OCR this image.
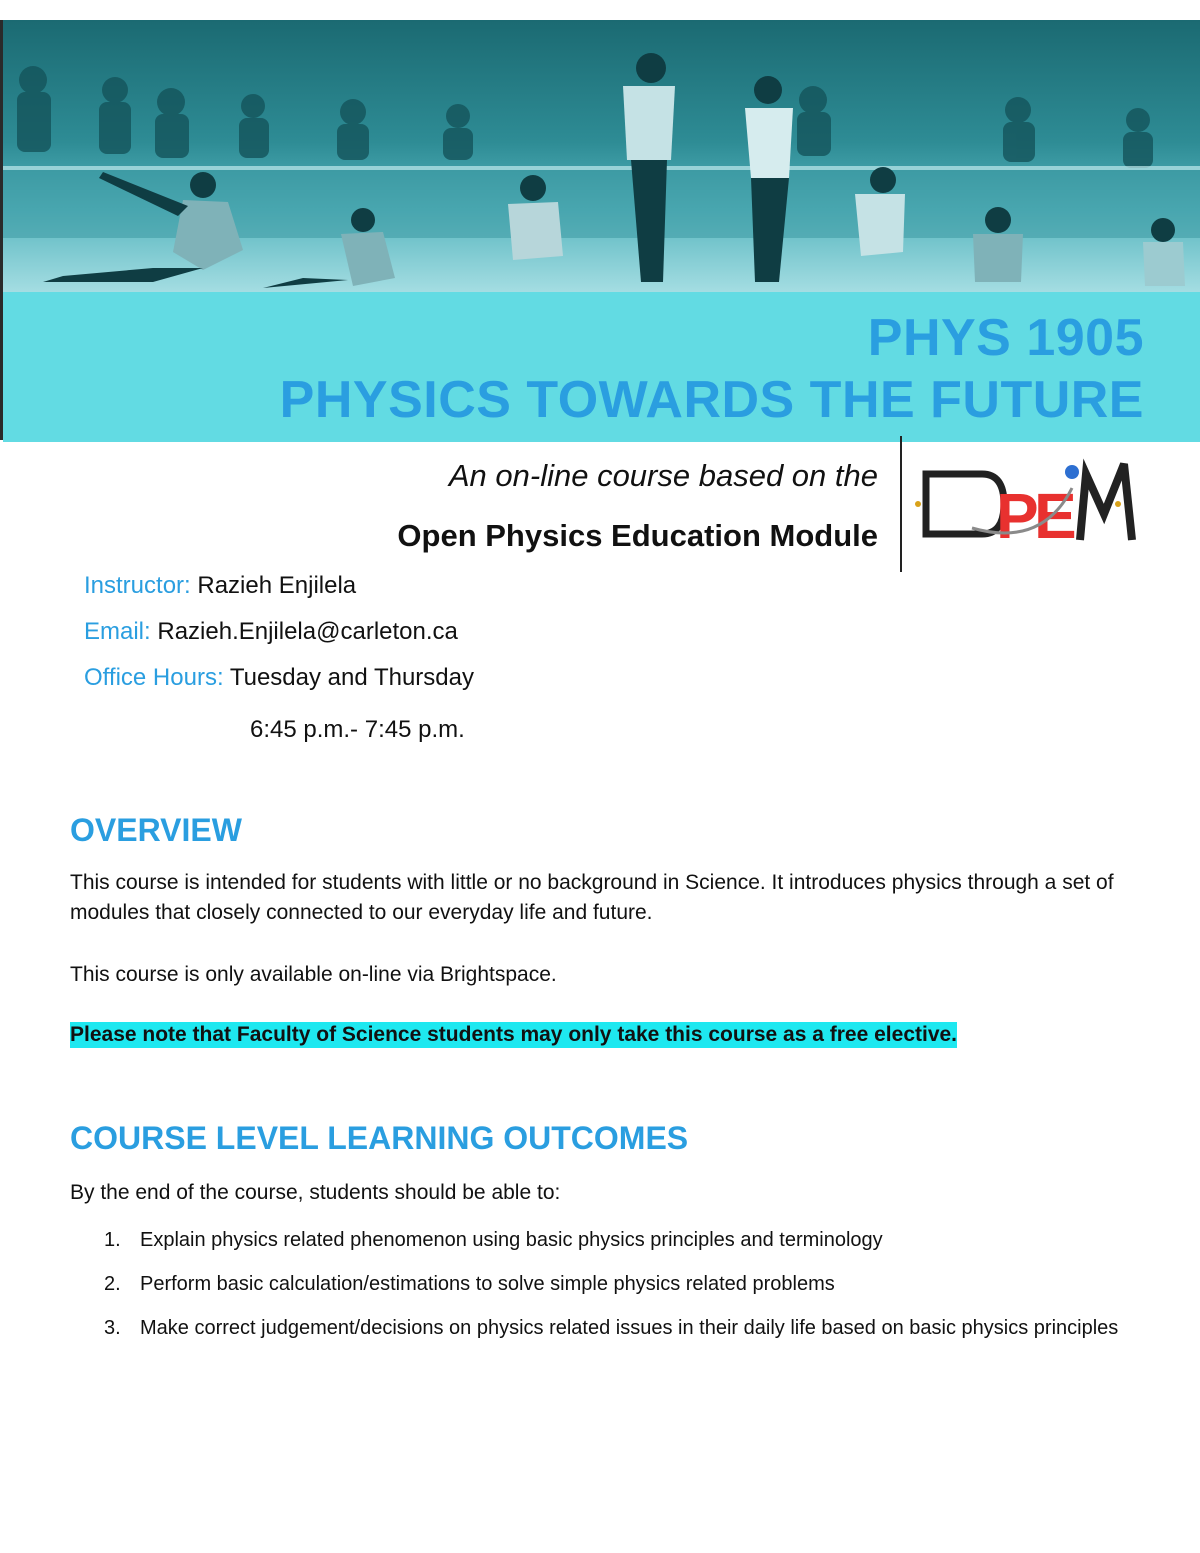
PHYS 1905
PHYSICS TOWARDS THE FUTURE
An on-line course based on the
Open Physics Education Module P
E
Instructor: Razieh Enjilela
Email: Razieh.Enjilela@carleton.ca
Office Hours: Tuesday and Thursday
6:45 p.m.- 7:45 p.m.
OVERVIEW

This course is intended for students with little or no background in Science. It introduces physics through a set of modules that closely connected to our everyday life and future.

This course is only available on-line via Brightspace.

Please note that Faculty of Science students may only take this course as a free elective.

COURSE LEVEL LEARNING OUTCOMES

By the end of the course, students should be able to:

1. Explain physics related phenomenon using basic physics principles and terminology
2. Perform basic calculation/estimations to solve simple physics related problems
3. Make correct judgement/decisions on physics related issues in their daily life based on basic physics principles
